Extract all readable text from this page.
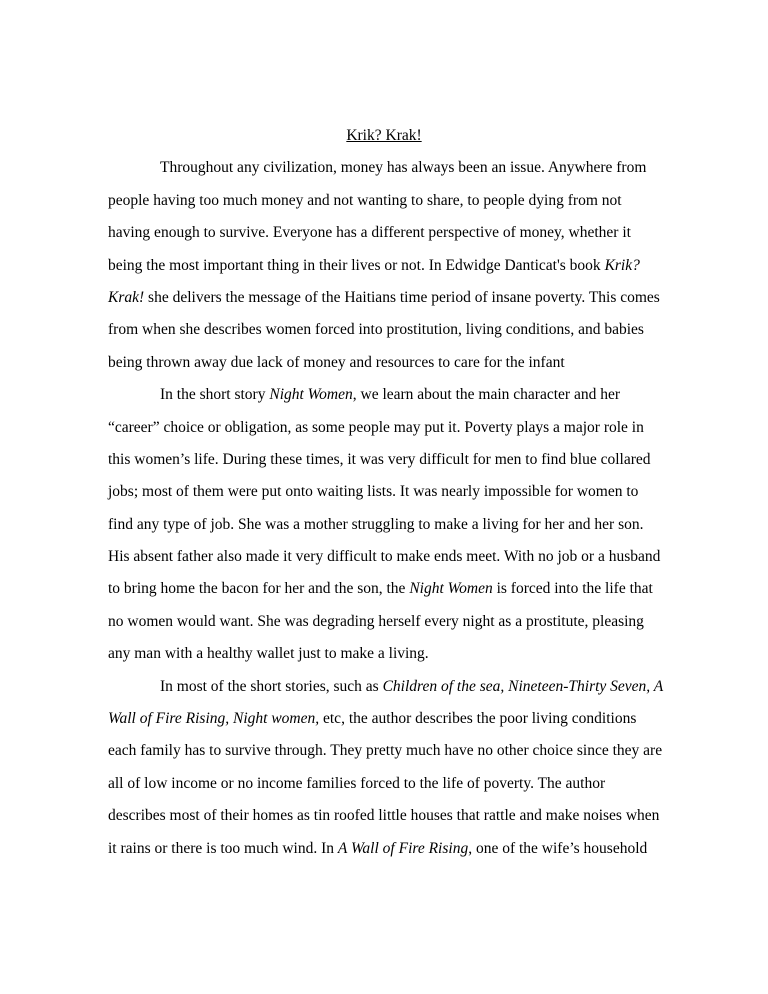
Krik? Krak!

Throughout any civilization, money has always been an issue. Anywhere from
people having too much money and not wanting to share, to people dying from not
having enough to survive. Everyone has a different perspective of money, whether it
being the most important thing in their lives or not. In Edwidge Danticat's book Krik?
Krak! she delivers the message of the Haitians time period of insane poverty. This comes
from when she describes women forced into prostitution, living conditions, and babies
being thrown away due lack of money and resources to care for the infant
In the short story Night Women, we learn about the main character and her
“career” choice or obligation, as some people may put it. Poverty plays a major role in
this women’s life. During these times, it was very difficult for men to find blue collared
jobs; most of them were put onto waiting lists. It was nearly impossible for women to
find any type of job. She was a mother struggling to make a living for her and her son.
His absent father also made it very difficult to make ends meet. With no job or a husband
to bring home the bacon for her and the son, the Night Women is forced into the life that
no women would want. She was degrading herself every night as a prostitute, pleasing
any man with a healthy wallet just to make a living.
In most of the short stories, such as Children of the sea, Nineteen-Thirty Seven, A
Wall of Fire Rising, Night women, etc, the author describes the poor living conditions
each family has to survive through. They pretty much have no other choice since they are
all of low income or no income families forced to the life of poverty. The author
describes most of their homes as tin roofed little houses that rattle and make noises when
it rains or there is too much wind. In A Wall of Fire Rising, one of the wife’s household
